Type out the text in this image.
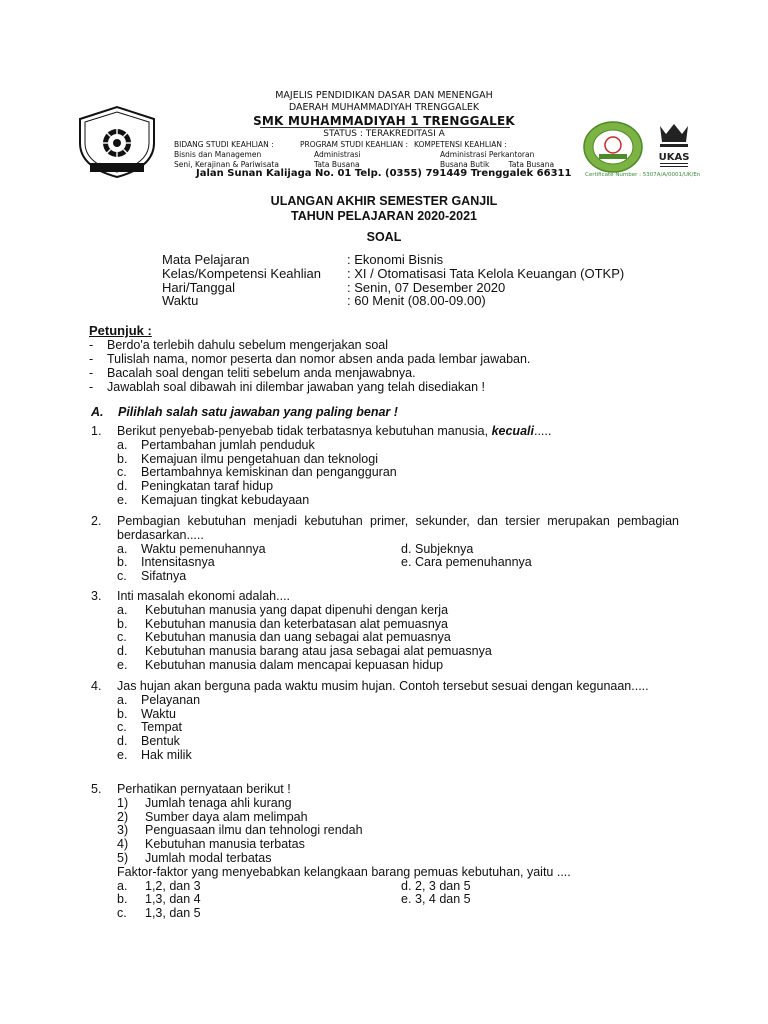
MAJELIS PENDIDIKAN DASAR DAN MENENGAH
DAERAH MUHAMMADIYAH TRENGGALEK
SMK MUHAMMADIYAH 1 TRENGGALEK
STATUS : TERAKREDITASI A
BIDANG STUDI KEAHLIAN :
Bisnis dan Managemen
Seni, Kerajinan & Pariwisata
PROGRAM STUDI KEAHLIAN :
Administrasi
Tata Busana
KOMPETENSI KEAHLIAN :
Administrasi Perkantoran
Busana Butik        Tata Busana
Jalan Sunan Kalijaga No. 01 Telp. (0355) 791449 Trenggalek 66311
UKAS
Certificate Number : 5307A/A/0001/UK/En
ULANGAN AKHIR SEMESTER GANJIL
TAHUN PELAJARAN 2020-2021
SOAL
Mata Pelajaran	: Ekonomi Bisnis
Kelas/Kompetensi Keahlian : XI / Otomatisasi Tata Kelola Keuangan (OTKP)
Hari/Tanggal	: Senin, 07 Desember 2020
Waktu	: 60 Menit (08.00-09.00)
Petunjuk :
- Berdo'a terlebih dahulu sebelum mengerjakan soal
- Tulislah nama, nomor peserta dan nomor absen anda pada lembar jawaban.
- Bacalah soal dengan teliti sebelum anda menjawabnya.
- Jawablah soal dibawah ini dilembar jawaban yang telah disediakan !
A. Pilihlah salah satu jawaban yang paling benar !
1. Berikut penyebab-penyebab tidak terbatasnya kebutuhan manusia, kecuali.....
a. Pertambahan jumlah penduduk
b. Kemajuan ilmu pengetahuan dan teknologi
c. Bertambahnya kemiskinan dan pengangguran
d. Peningkatan taraf hidup
e. Kemajuan tingkat kebudayaan
2. Pembagian kebutuhan menjadi kebutuhan primer, sekunder, dan tersier merupakan pembagian berdasarkan.....
a. Waktu pemenuhannya	d. Subjeknya
b. Intensitasnya	e. Cara pemenuhannya
c. Sifatnya
3. Inti masalah ekonomi adalah....
a. Kebutuhan manusia yang dapat dipenuhi dengan kerja
b. Kebutuhan manusia dan keterbatasan alat pemuasnya
c. Kebutuhan manusia dan uang sebagai alat pemuasnya
d. Kebutuhan manusia barang atau jasa sebagai alat pemuasnya
e. Kebutuhan manusia dalam mencapai kepuasan hidup
4. Jas hujan akan berguna pada waktu musim hujan. Contoh tersebut sesuai dengan kegunaan.....
a. Pelayanan
b. Waktu
c. Tempat
d. Bentuk
e. Hak milik
5. Perhatikan pernyataan berikut !
1) Jumlah tenaga ahli kurang
2) Sumber daya alam melimpah
3) Penguasaan ilmu dan tehnologi rendah
4) Kebutuhan manusia terbatas
5) Jumlah modal terbatas
Faktor-faktor yang menyebabkan kelangkaan barang pemuas kebutuhan, yaitu ....
a. 1,2, dan 3	d. 2, 3 dan 5
b. 1,3, dan 4	e. 3, 4 dan 5
c. 1,3, dan 5
